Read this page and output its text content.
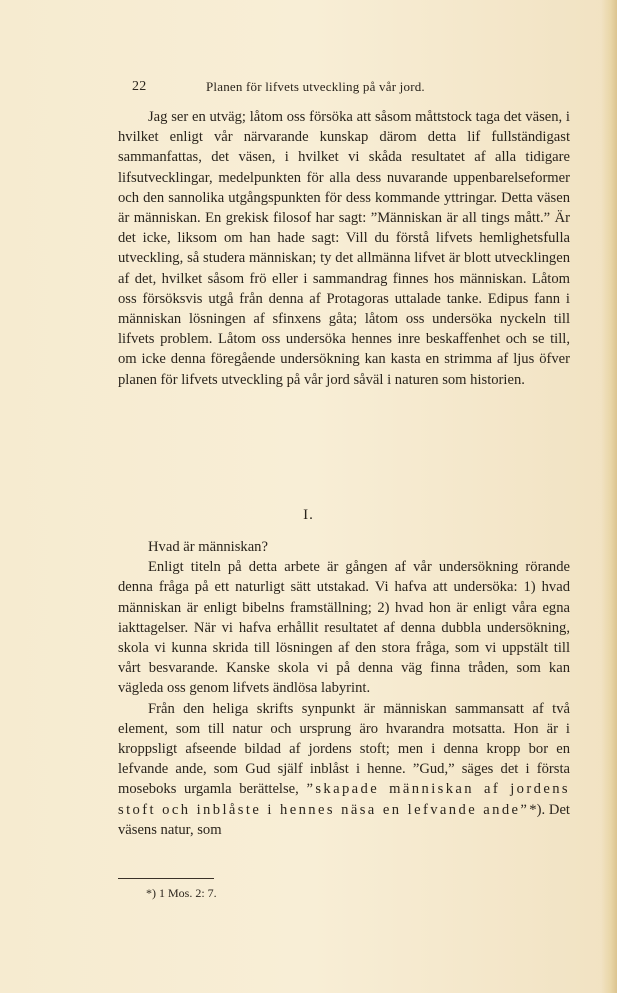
22	Planen för lifvets utveckling på vår jord.

Jag ser en utväg; låtom oss försöka att såsom måttstock taga det väsen, i hvilket enligt vår närvarande kunskap därom detta lif fullständigast sammanfattas, det väsen, i hvilket vi skåda resultatet af alla tidigare lifsutvecklingar, medelpunkten för alla dess nuvarande uppenbarelseformer och den sannolika utgångspunkten för dess kommande yttringar. Detta väsen är människan. En grekisk filosof har sagt: ”Människan är all tings mått.” Är det icke, liksom om han hade sagt: Vill du förstå lifvets hemlighetsfulla utveckling, så studera människan; ty det allmänna lifvet är blott utvecklingen af det, hvilket såsom frö eller i sammandrag finnes hos människan. Låtom oss försöksvis utgå från denna af Protagoras uttalade tanke. Edipus fann i människan lösningen af sfinxens gåta; låtom oss undersöka nyckeln till lifvets problem. Låtom oss undersöka hennes inre beskaffenhet och se till, om icke denna föregående undersökning kan kasta en strimma af ljus öfver planen för lifvets utveckling på vår jord såväl i naturen som historien.

I.

Hvad är människan?

Enligt titeln på detta arbete är gången af vår undersökning rörande denna fråga på ett naturligt sätt utstakad. Vi hafva att undersöka: 1) hvad människan är enligt bibelns framställning; 2) hvad hon är enligt våra egna iakttagelser. När vi hafva erhållit resultatet af denna dubbla undersökning, skola vi kunna skrida till lösningen af den stora fråga, som vi uppstält till vårt besvarande. Kanske skola vi på denna väg finna tråden, som kan vägleda oss genom lifvets ändlösa labyrint.

Från den heliga skrifts synpunkt är människan sammansatt af två element, som till natur och ursprung äro hvarandra motsatta. Hon är i kroppsligt afseende bildad af jordens stoft; men i denna kropp bor en lefvande ande, som Gud själf inblåst i henne. ”Gud,” säges det i första moseboks urgamla berättelse, ”skapade människan af jordens stoft och inblåste i hennes näsa en lefvande ande”*). Det väsens natur, som

*) 1 Mos. 2: 7.
